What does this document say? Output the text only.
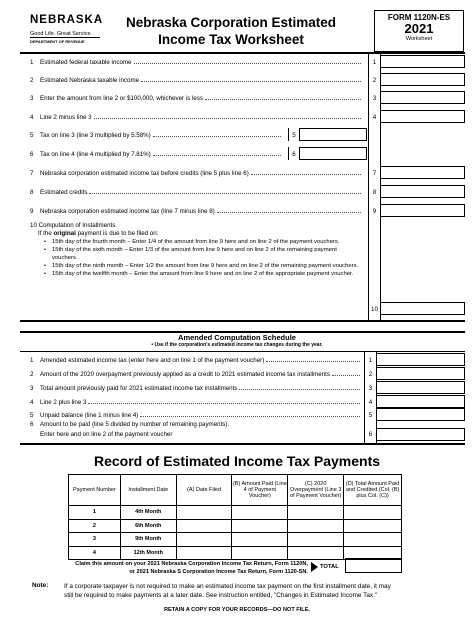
NEBRASKA
Good Life. Great Service.
DEPARTMENT OF REVENUE
Nebraska Corporation Estimated
Income Tax Worksheet
FORM 1120N-ES
2021
Worksheet
1	Estimated federal taxable income	1
2	Estimated Nebraska taxable income	2
3	Enter the amount from line 2 or $100,000, whichever is less	3
4	Line 2 minus line 3	4
5	Tax on line 3 (line 3 multiplied by 5.58%)	5
6	Tax on line 4 (line 4 multiplied by 7.81%)	6
7	Nebraska corporation estimated income tax before credits (line 5 plus line 6)	7
8	Estimated credits	8
9	Nebraska corporation estimated income tax (line 7 minus line 8)	9
10 Computation of Installments.
If the original payment is due to be filed on:
•	15th day of the fourth month – Enter 1/4 of the amount from line 9 here and on line 2 of the payment vouchers.
• 15th day of the sixth month – Enter 1/3 of the amount from line 9 here and on line 2 of the remaining payment vouchers.
•	15th day of the ninth month – Enter 1/2 the amount from line 9 here and on line 2 of the remaining payment vouchers.
•	15th day of the twelfth month – Enter the amount from line 9 here and on line 2 of the appropriate payment voucher.
10
Amended Computation Schedule
• Use if the corporation's estimated income tax changes during the year.
1	Amended estimated income tax (enter here and on line 1 of the payment voucher)	1
2	Amount of the 2020 overpayment previously applied as a credit to 2021 estimated income tax installments	2
3	Total amount previously paid for 2021 estimated income tax installments	3
4	Line 2 plus line 3	4
5	Unpaid balance (line 1 minus line 4)	5
6 Amount to be paid (line 5 divided by number of remaining payments).
Enter here and on line 2 of the payment voucher	6
Record of Estimated Income Tax Payments
Payment Number	Installment Date	(A) Date Filed	(B) Amount Paid (Line 4 of Payment Voucher)	(C) 2020 Overpayment (Line 3 of Payment Voucher)	(D) Total Amount Paid and Credited (Col. (B) plus Col. (C))
1	4th Month				
2	6th Month				
3	9th Month				
4	12th Month				
Claim this amount on your 2021 Nebraska Corporation Income Tax Return, Form 1120N,
or 2021 Nebraska S Corporation Income Tax Return, Form 1120-SN.
TOTAL
Note: If a corporate taxpayer is not required to make an estimated income tax payment on the first installment date, it may
still be required to make payments at a later date. See instruction entitled, "Changes in Estimated Income Tax."
RETAIN A COPY FOR YOUR RECORDS—DO NOT FILE.
